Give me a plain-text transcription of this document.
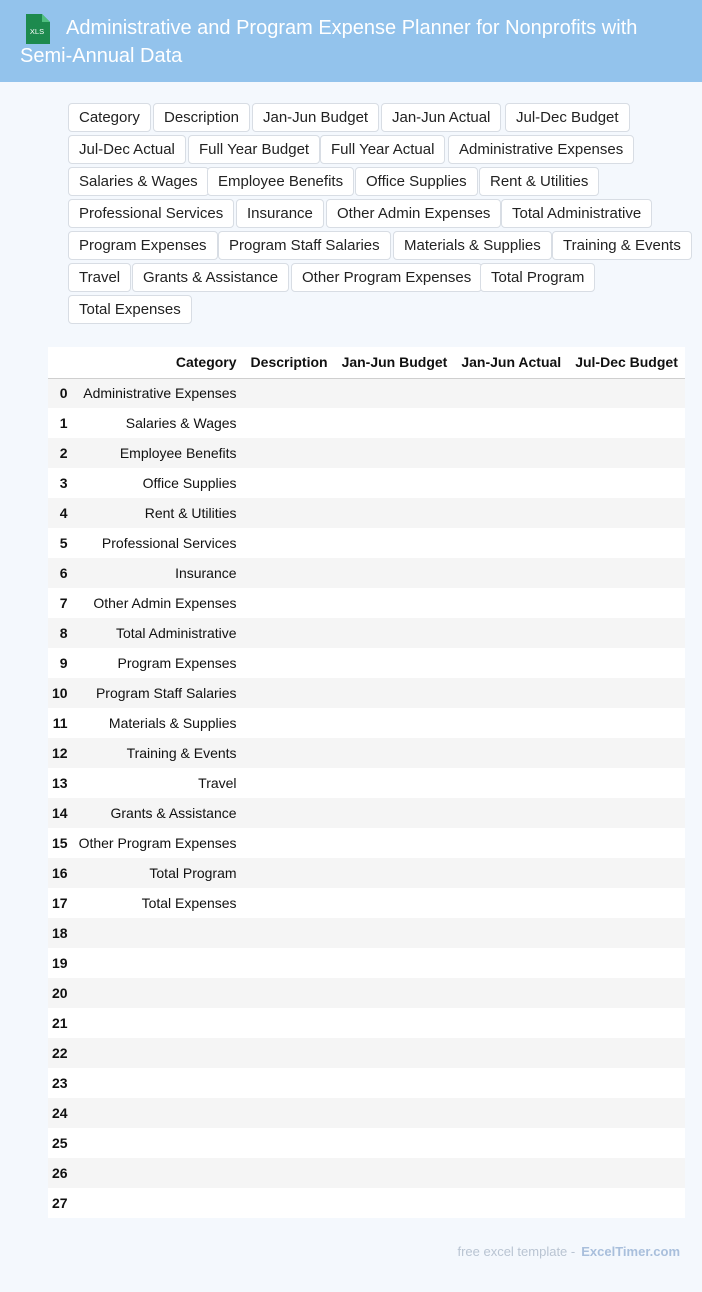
XLS	Administrative and Program Expense Planner for Nonprofits with Semi-Annual Data
Category	Description	Jan-Jun Budget	Jan-Jun Actual	Jul-Dec Budget
Jul-Dec Actual	Full Year Budget	Full Year Actual	Administrative Expenses
Salaries & Wages	Employee Benefits	Office Supplies	Rent & Utilities
Professional Services	Insurance	Other Admin Expenses	Total Administrative
Program Expenses	Program Staff Salaries	Materials & Supplies	Training & Events
Travel	Grants & Assistance	Other Program Expenses	Total Program
Total Expenses
	Category	Description	Jan-Jun Budget	Jan-Jun Actual	Jul-Dec Budget
0	Administrative Expenses				
1	Salaries & Wages				
2	Employee Benefits				
3	Office Supplies				
4	Rent & Utilities				
5	Professional Services				
6	Insurance				
7	Other Admin Expenses				
8	Total Administrative				
9	Program Expenses				
10	Program Staff Salaries				
11	Materials & Supplies				
12	Training & Events				
13	Travel				
14	Grants & Assistance				
15	Other Program Expenses				
16	Total Program				
17	Total Expenses				
18					
19					
20					
21					
22					
23					
24					
25					
26					
27					
free excel template - ExcelTimer.com
